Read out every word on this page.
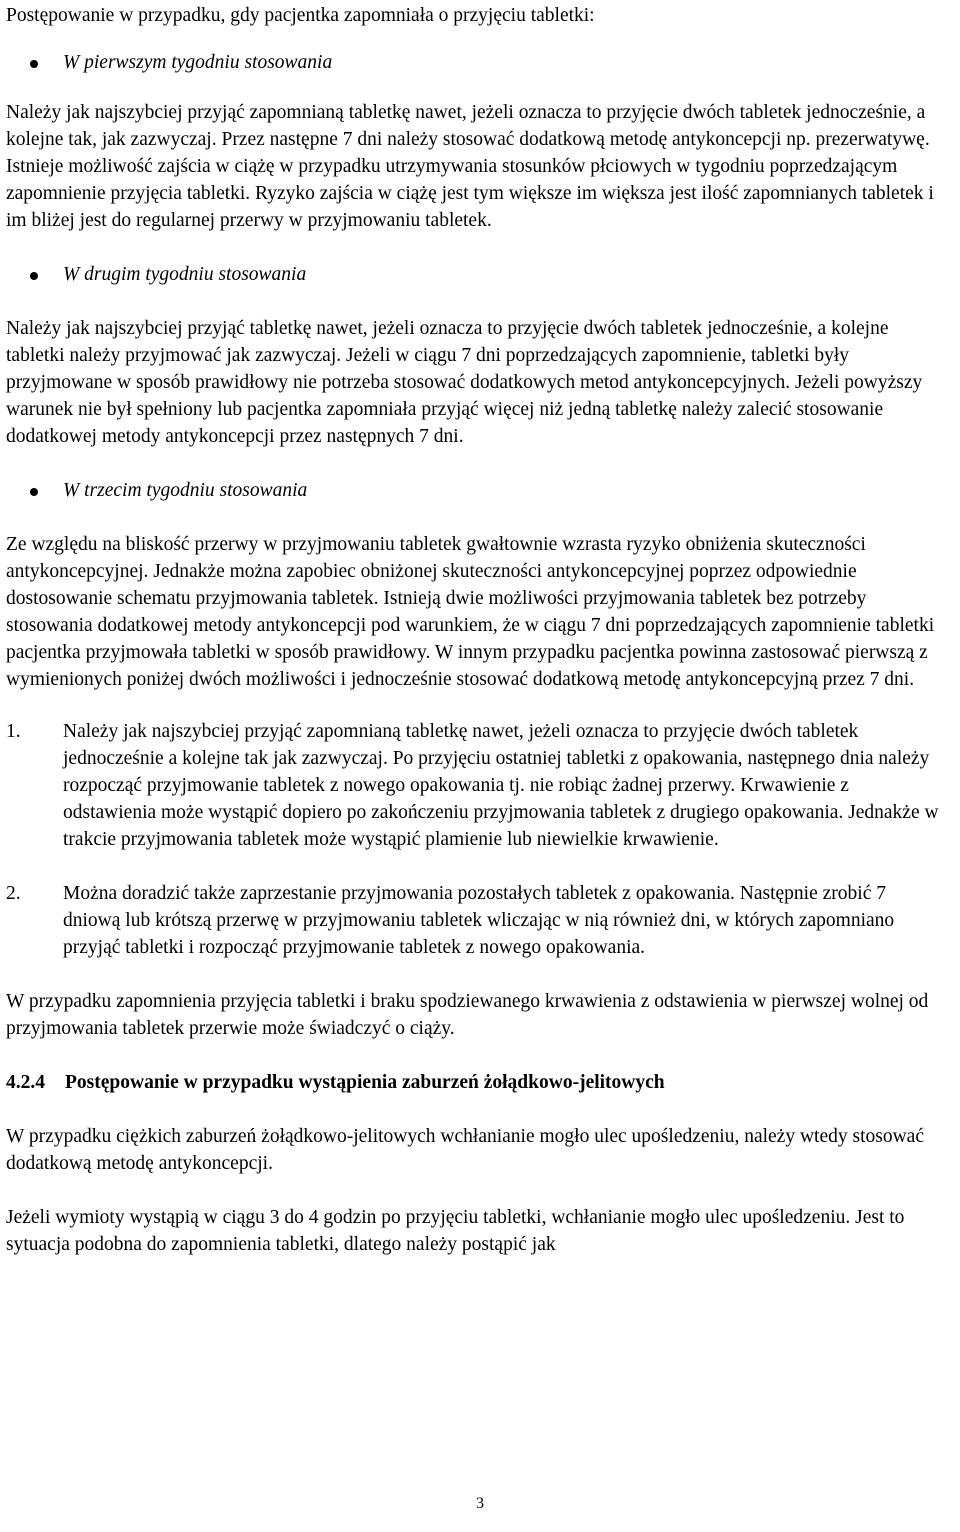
Postępowanie w przypadku, gdy pacjentka zapomniała o przyjęciu tabletki:

W pierwszym tygodniu stosowania

Należy jak najszybciej przyjąć zapomnianą tabletkę nawet, jeżeli oznacza to przyjęcie dwóch tabletek jednocześnie, a kolejne tak, jak zazwyczaj. Przez następne 7 dni należy stosować dodatkową metodę antykoncepcji np. prezerwatywę. Istnieje możliwość zajścia w ciążę w przypadku utrzymywania stosunków płciowych w tygodniu poprzedzającym zapomnienie przyjęcia tabletki. Ryzyko zajścia w ciążę jest tym większe im większa jest ilość zapomnianych tabletek i im bliżej jest do regularnej przerwy w przyjmowaniu tabletek.

W drugim tygodniu stosowania

Należy jak najszybciej przyjąć tabletkę nawet, jeżeli oznacza to przyjęcie dwóch tabletek jednocześnie, a kolejne tabletki należy przyjmować jak zazwyczaj. Jeżeli w ciągu 7 dni poprzedzających zapomnienie, tabletki były przyjmowane w sposób prawidłowy nie potrzeba stosować dodatkowych metod antykoncepcyjnych. Jeżeli powyższy warunek nie był spełniony lub pacjentka zapomniała przyjąć więcej niż jedną tabletkę należy zalecić stosowanie dodatkowej metody antykoncepcji przez następnych 7 dni.

W trzecim tygodniu stosowania

Ze względu na bliskość przerwy w przyjmowaniu tabletek gwałtownie wzrasta ryzyko obniżenia skuteczności antykoncepcyjnej. Jednakże można zapobiec obniżonej skuteczności antykoncepcyjnej poprzez odpowiednie dostosowanie schematu przyjmowania tabletek. Istnieją dwie możliwości przyjmowania tabletek bez potrzeby stosowania dodatkowej metody antykoncepcji pod warunkiem, że w ciągu 7 dni poprzedzających zapomnienie tabletki pacjentka przyjmowała tabletki w sposób prawidłowy. W innym przypadku pacjentka powinna zastosować pierwszą z wymienionych poniżej dwóch możliwości i jednocześnie stosować dodatkową metodę antykoncepcyjną przez 7 dni.

1. Należy jak najszybciej przyjąć zapomnianą tabletkę nawet, jeżeli oznacza to przyjęcie dwóch tabletek jednocześnie a kolejne tak jak zazwyczaj. Po przyjęciu ostatniej tabletki z opakowania, następnego dnia należy rozpocząć przyjmowanie tabletek z nowego opakowania tj. nie robiąc żadnej przerwy. Krwawienie z odstawienia może wystąpić dopiero po zakończeniu przyjmowania tabletek z drugiego opakowania. Jednakże w trakcie przyjmowania tabletek może wystąpić plamienie lub niewielkie krwawienie.
2. Można doradzić także zaprzestanie przyjmowania pozostałych tabletek z opakowania. Następnie zrobić 7 dniową lub krótszą przerwę w przyjmowaniu tabletek wliczając w nią również dni, w których zapomniano przyjąć tabletki i rozpocząć przyjmowanie tabletek z nowego opakowania.

W przypadku zapomnienia przyjęcia tabletki i braku spodziewanego krwawienia z odstawienia w pierwszej wolnej od przyjmowania tabletek przerwie może świadczyć o ciąży.

4.2.4 Postępowanie w przypadku wystąpienia zaburzeń żołądkowo-jelitowych

W przypadku ciężkich zaburzeń żołądkowo-jelitowych wchłanianie mogło ulec upośledzeniu, należy wtedy stosować dodatkową metodę antykoncepcji.

Jeżeli wymioty wystąpią w ciągu 3 do 4 godzin po przyjęciu tabletki, wchłanianie mogło ulec upośledzeniu. Jest to sytuacja podobna do zapomnienia tabletki, dlatego należy postąpić jak

3
